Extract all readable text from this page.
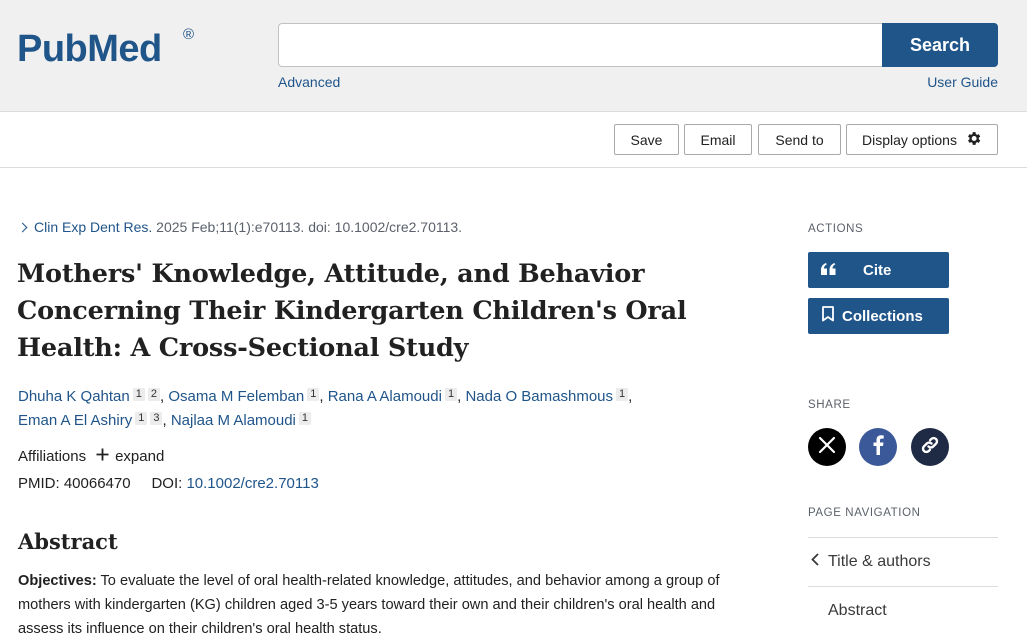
PubMed ®	Search
Advanced	User Guide
Save	Email	Send to	Display options
Clin Exp Dent Res. 2025 Feb;11(1):e70113. doi: 10.1002/cre2.70113.
Mothers' Knowledge, Attitude, and Behavior Concerning Their Kindergarten Children's Oral Health: A Cross-Sectional Study
Dhuha K Qahtan 1 2 , Osama M Felemban 1 , Rana A Alamoudi 1 , Nada O Bamashmous 1 ,
Eman A El Ashiry 1 3 , Najlaa M Alamoudi 1
Affiliations expand
PMID: 40066470 DOI: 10.1002/cre2.70113
Abstract

Objectives: To evaluate the level of oral health-related knowledge, attitudes, and behavior among a group of mothers with kindergarten (KG) children aged 3-5 years toward their own and their children's oral health and assess its influence on their children's oral health status.

ACTIONS
Cite
Collections
SHARE
PAGE NAVIGATION
Title & authors
Abstract
